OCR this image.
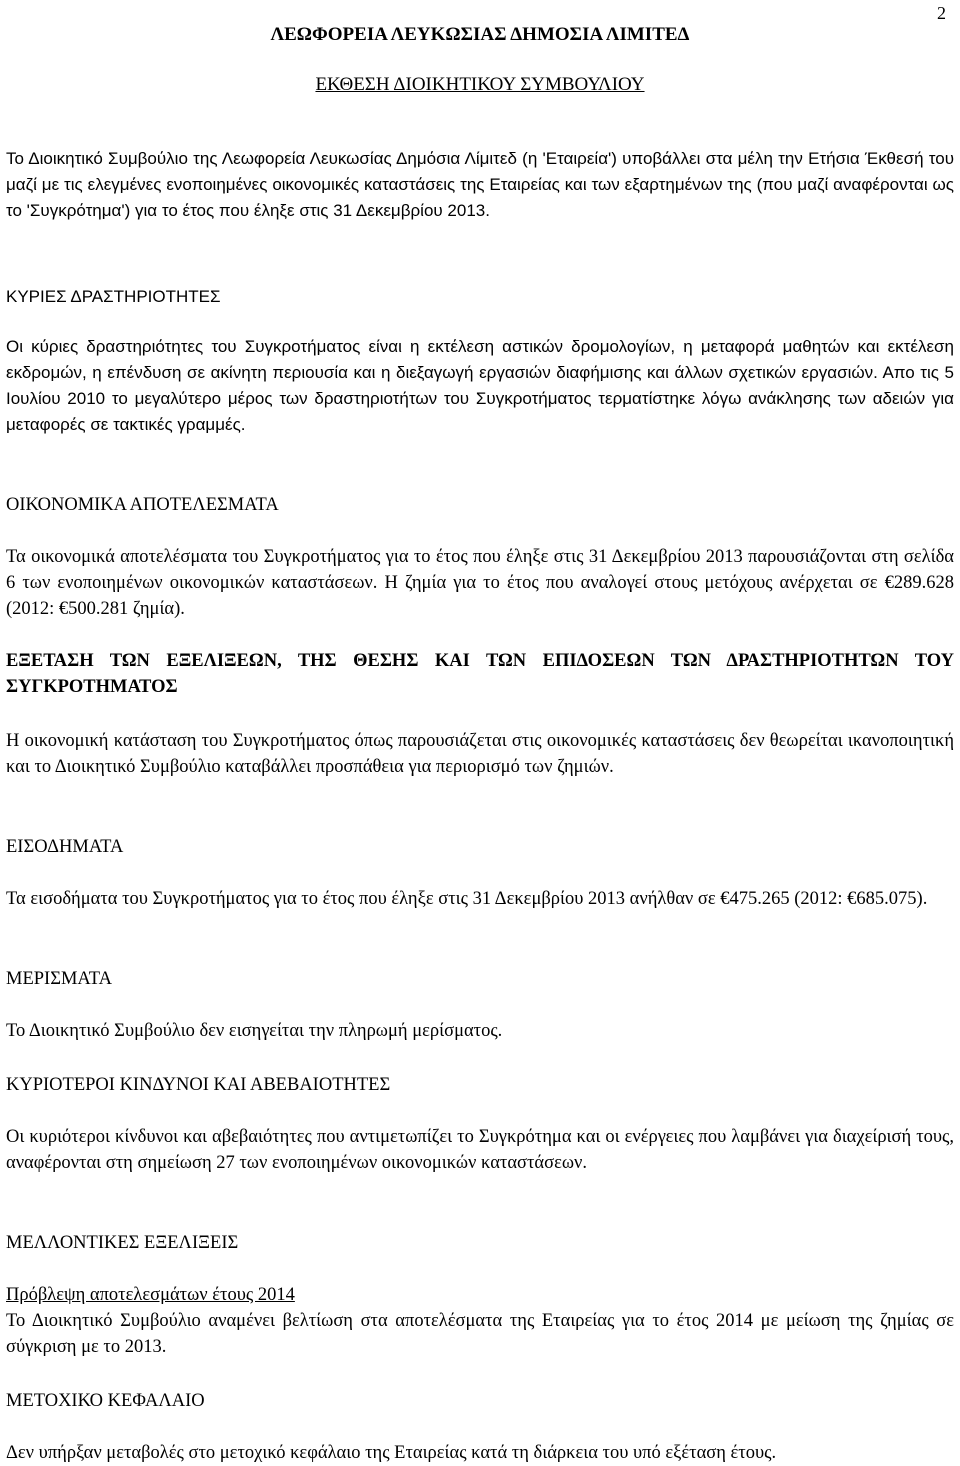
2
ΛΕΩΦΟΡΕΙΑ ΛΕΥΚΩΣΙΑΣ ΔΗΜΟΣΙΑ ΛΙΜΙΤΕΔ
ΕΚΘΕΣΗ ΔΙΟΙΚΗΤΙΚΟΥ ΣΥΜΒΟΥΛΙΟΥ
Το Διοικητικό Συμβούλιο της Λεωφορεία Λευκωσίας Δημόσια Λίμιτεδ (η 'Εταιρεία') υποβάλλει στα μέλη την Ετήσια Έκθεσή του μαζί με τις ελεγμένες ενοποιημένες οικονομικές καταστάσεις της Εταιρείας και των εξαρτημένων της (που μαζί αναφέρονται ως το 'Συγκρότημα') για το έτος που έληξε στις 31 Δεκεμβρίου 2013.
ΚΥΡΙΕΣ ΔΡΑΣΤΗΡΙΟΤΗΤΕΣ
Οι κύριες δραστηριότητες του Συγκροτήματος είναι η εκτέλεση αστικών δρομολογίων, η μεταφορά μαθητών και εκτέλεση εκδρομών, η επένδυση σε ακίνητη περιουσία και η διεξαγωγή εργασιών διαφήμισης και άλλων σχετικών εργασιών. Απο τις 5 Ιουλίου 2010 το μεγαλύτερο μέρος των δραστηριοτήτων του Συγκροτήματος τερματίστηκε λόγω ανάκλησης των αδειών για μεταφορές σε τακτικές γραμμές.
ΟΙΚΟΝΟΜΙΚΑ ΑΠΟΤΕΛΕΣΜΑΤΑ
Τα οικονομικά αποτελέσματα του Συγκροτήματος για το έτος που έληξε στις 31 Δεκεμβρίου 2013 παρουσιάζονται στη σελίδα 6 των ενοποιημένων οικονομικών καταστάσεων. Η ζημία για το έτος που αναλογεί στους μετόχους ανέρχεται σε €289.628 (2012: €500.281 ζημία).
ΕΞΕΤΑΣΗ ΤΩΝ ΕΞΕΛΙΞΕΩΝ, ΤΗΣ ΘΕΣΗΣ ΚΑΙ ΤΩΝ ΕΠΙΔΟΣΕΩΝ ΤΩΝ ΔΡΑΣΤΗΡΙΟΤΗΤΩΝ ΤΟΥ ΣΥΓΚΡΟΤΗΜΑΤΟΣ
Η οικονομική κατάσταση του Συγκροτήματος όπως παρουσιάζεται στις οικονομικές καταστάσεις δεν θεωρείται ικανοποιητική και το Διοικητικό Συμβούλιο καταβάλλει προσπάθεια για περιορισμό των ζημιών.
ΕΙΣΟΔΗΜΑΤΑ
Τα εισοδήματα του Συγκροτήματος για το έτος που έληξε στις 31 Δεκεμβρίου 2013 ανήλθαν σε €475.265 (2012: €685.075).
ΜΕΡΙΣΜΑΤΑ
Το Διοικητικό Συμβούλιο δεν εισηγείται την πληρωμή μερίσματος.
ΚΥΡΙΟΤΕΡΟΙ ΚΙΝΔΥΝΟΙ ΚΑΙ ΑΒΕΒΑΙΟΤΗΤΕΣ
Οι κυριότεροι κίνδυνοι και αβεβαιότητες που αντιμετωπίζει το Συγκρότημα και οι ενέργειες που λαμβάνει για διαχείρισή τους, αναφέρονται στη σημείωση 27 των ενοποιημένων οικονομικών καταστάσεων.
ΜΕΛΛΟΝΤΙΚΕΣ ΕΞΕΛΙΞΕΙΣ
Πρόβλεψη αποτελεσμάτων έτους 2014
Το Διοικητικό Συμβούλιο αναμένει βελτίωση στα αποτελέσματα της Εταιρείας για το έτος 2014 με μείωση της ζημίας σε σύγκριση με το 2013.
ΜΕΤΟΧΙΚΟ ΚΕΦΑΛΑΙΟ
Δεν υπήρξαν μεταβολές στο μετοχικό κεφάλαιο της Εταιρείας κατά τη διάρκεια του υπό εξέταση έτους.
